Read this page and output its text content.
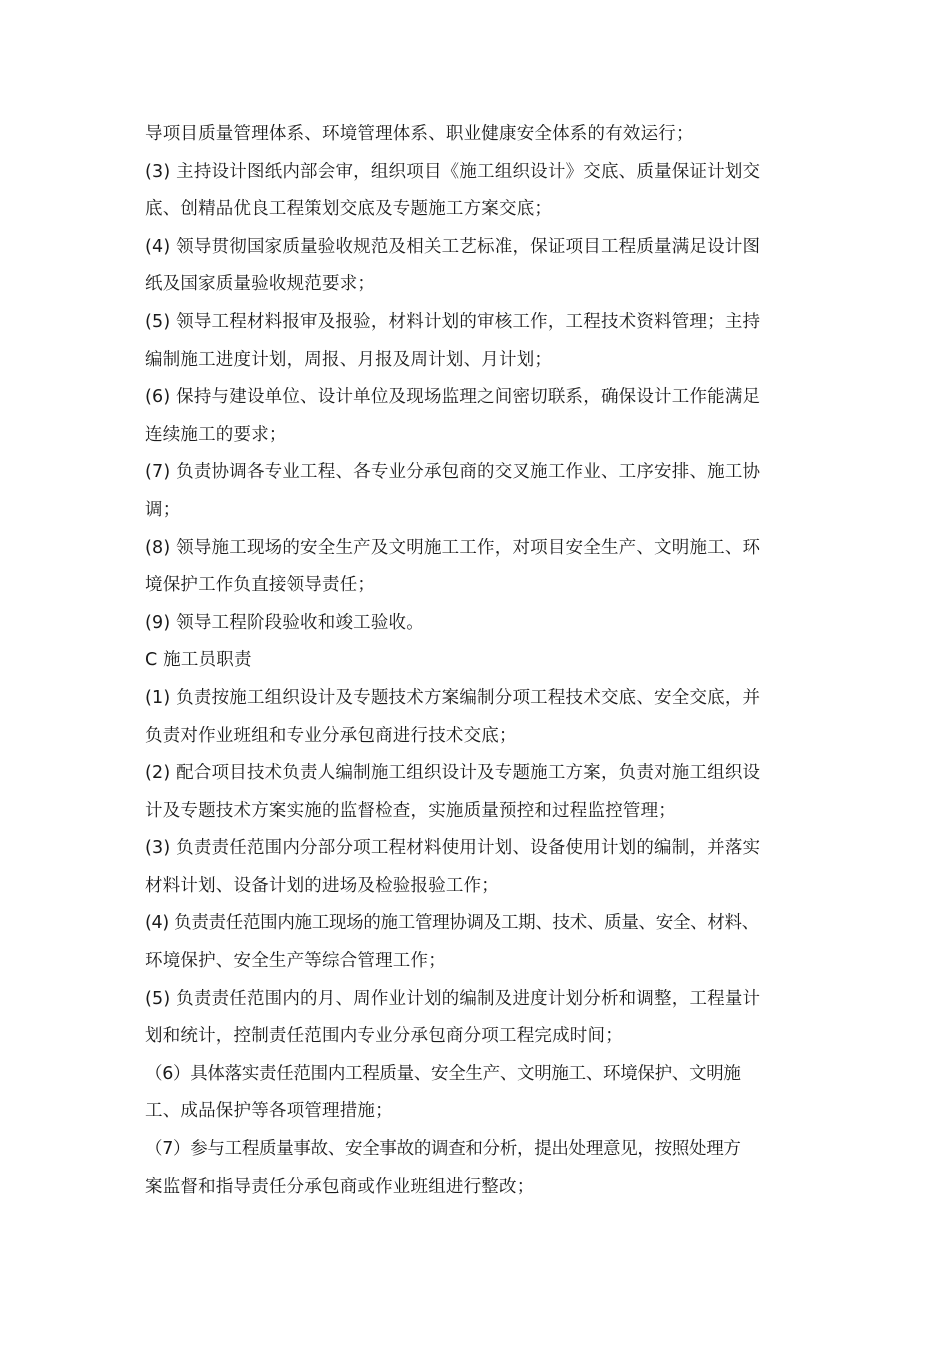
导项目质量管理体系、环境管理体系、职业健康安全体系的有效运行；
(3) 主持设计图纸内部会审，组织项目《施工组织设计》交底、质量保证计划交
底、创精品优良工程策划交底及专题施工方案交底；
(4) 领导贯彻国家质量验收规范及相关工艺标准，保证项目工程质量满足设计图
纸及国家质量验收规范要求；
(5) 领导工程材料报审及报验，材料计划的审核工作，工程技术资料管理；主持
编制施工进度计划，周报、月报及周计划、月计划；
(6) 保持与建设单位、设计单位及现场监理之间密切联系，确保设计工作能满足
连续施工的要求；
(7) 负责协调各专业工程、各专业分承包商的交叉施工作业、工序安排、施工协
调；
(8) 领导施工现场的安全生产及文明施工工作，对项目安全生产、文明施工、环
境保护工作负直接领导责任；
(9) 领导工程阶段验收和竣工验收。
C 施工员职责
(1) 负责按施工组织设计及专题技术方案编制分项工程技术交底、安全交底，并
负责对作业班组和专业分承包商进行技术交底；
(2) 配合项目技术负责人编制施工组织设计及专题施工方案，负责对施工组织设
计及专题技术方案实施的监督检查，实施质量预控和过程监控管理；
(3) 负责责任范围内分部分项工程材料使用计划、设备使用计划的编制，并落实
材料计划、设备计划的进场及检验报验工作；
(4) 负责责任范围内施工现场的施工管理协调及工期、技术、质量、安全、材料、
环境保护、安全生产等综合管理工作；
(5) 负责责任范围内的月、周作业计划的编制及进度计划分析和调整，工程量计
划和统计，控制责任范围内专业分承包商分项工程完成时间；
（6）具体落实责任范围内工程质量、安全生产、文明施工、环境保护、文明施
工、成品保护等各项管理措施；
（7）参与工程质量事故、安全事故的调查和分析，提出处理意见，按照处理方
案监督和指导责任分承包商或作业班组进行整改；
